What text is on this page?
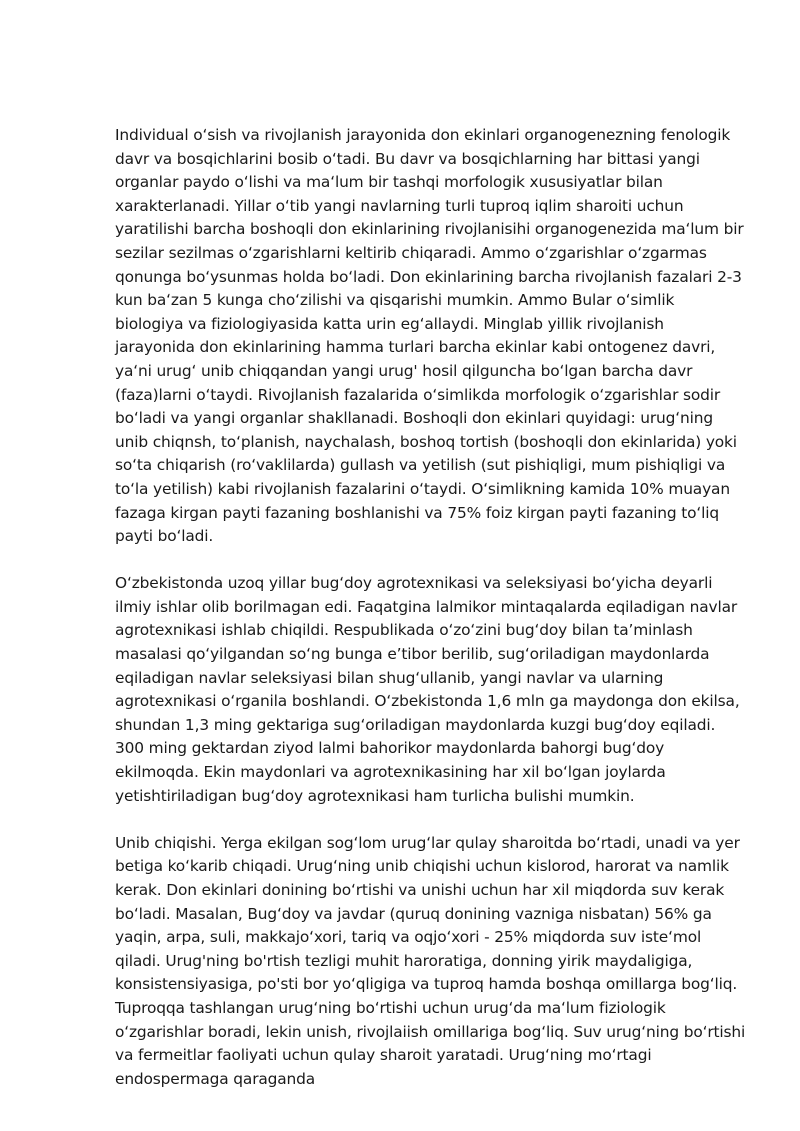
Individual oʻsish va rivojlanish jarayonida don ekinlari organogenezning fenologik davr va bosqichlarini bosib oʻtadi. Bu davr va bosqichlarning har bittasi yangi organlar paydo oʻlishi va maʻlum bir tashqi morfologik xususiyatlar bilan xarakterlanadi. Yillar oʻtib yangi navlarning turli tuproq iqlim sharoiti uchun yaratilishi barcha boshoqli don ekinlarining rivojlanisihi organogenezida maʻlum bir sezilar sezilmas oʻzgarishlarni keltirib chiqaradi. Ammo oʻzgarishlar oʻzgarmas qonunga boʻysunmas holda boʻladi. Don ekinlarining barcha rivojlanish fazalari 2-3 kun baʻzan 5 kunga choʻzilishi va qisqarishi mumkin. Ammo Bular oʻsimlik biologiya va fiziologiyasida katta urin egʻallaydi. Minglab yillik rivojlanish jarayonida don ekinlarining hamma turlari barcha ekinlar kabi ontogenez davri, yaʻni urugʻ unib chiqqandan yangi urug' hosil qilguncha boʻlgan barcha davr (faza)larni oʻtaydi. Rivojlanish fazalarida oʻsimlikda morfologik oʻzgarishlar sodir boʻladi va yangi organlar shakllanadi. Boshoqli don ekinlari quyidagi: urugʻning unib chiqnsh, toʻplanish, naychalash, boshoq tortish (boshoqli don ekinlarida) yoki soʻta chiqarish (roʻvaklilarda) gullash va yetilish (sut pishiqligi, mum pishiqligi va toʻla yetilish) kabi rivojlanish fazalarini oʻtaydi. Oʻsimlikning kamida 10% muayan fazaga kirgan payti fazaning boshlanishi va 75% foiz kirgan payti fazaning toʻliq payti boʻladi.

Oʻzbekistonda uzoq yillar bugʻdoy agrotexnikasi va seleksiyasi boʻyicha deyarli ilmiy ishlar olib borilmagan edi. Faqatgina lalmikor mintaqalarda eqiladigan navlar agrotexnikasi ishlab chiqildi. Respublikada oʻzoʻzini bugʻdoy bilan taʼminlash masalasi qoʻyilgandan soʻng bunga eʼtibor berilib, sugʻoriladigan maydonlarda eqiladigan navlar seleksiyasi bilan shugʻullanib, yangi navlar va ularning agrotexnikasi oʻrganila boshlandi. Oʻzbekistonda 1,6 mln ga maydonga don ekilsa, shundan 1,3 ming gektariga sugʻoriladigan maydonlarda kuzgi bugʻdoy eqiladi. 300 ming gektardan ziyod lalmi bahorikor maydonlarda bahorgi bugʻdoy ekilmoqda. Ekin maydonlari va agrotexnikasining har xil boʻlgan joylarda yetishtiriladigan bugʻdoy agrotexnikasi ham turlicha bulishi mumkin.

Unib chiqishi. Yerga ekilgan sogʻlom urugʻlar qulay sharoitda boʻrtadi, unadi va yer betiga koʻkarib chiqadi. Urugʻning unib chiqishi uchun kislorod, harorat va namlik kerak. Don ekinlari donining boʻrtishi va unishi uchun har xil miqdorda suv kerak boʻladi. Masalan, Bugʻdoy va javdar (quruq donining vazniga nisbatan) 56% ga yaqin, arpa, suli, makkajoʻxori, tariq va oqjoʻxori - 25% miqdorda suv isteʻmol qiladi. Urug'ning bo'rtish tezligi muhit haroratiga, donning yirik maydaligiga, konsistensiyasiga, po'sti bor yoʻqligiga va tuproq hamda boshqa omillarga bogʻliq. Tuproqqa tashlangan urugʻning boʻrtishi uchun urugʻda maʻlum fiziologik oʻzgarishlar boradi, lekin unish, rivojlaiish omillariga bogʻliq. Suv urugʻning boʻrtishi va fermeitlar faoliyati uchun qulay sharoit yaratadi. Urugʻning moʻrtagi endospermaga qaraganda
